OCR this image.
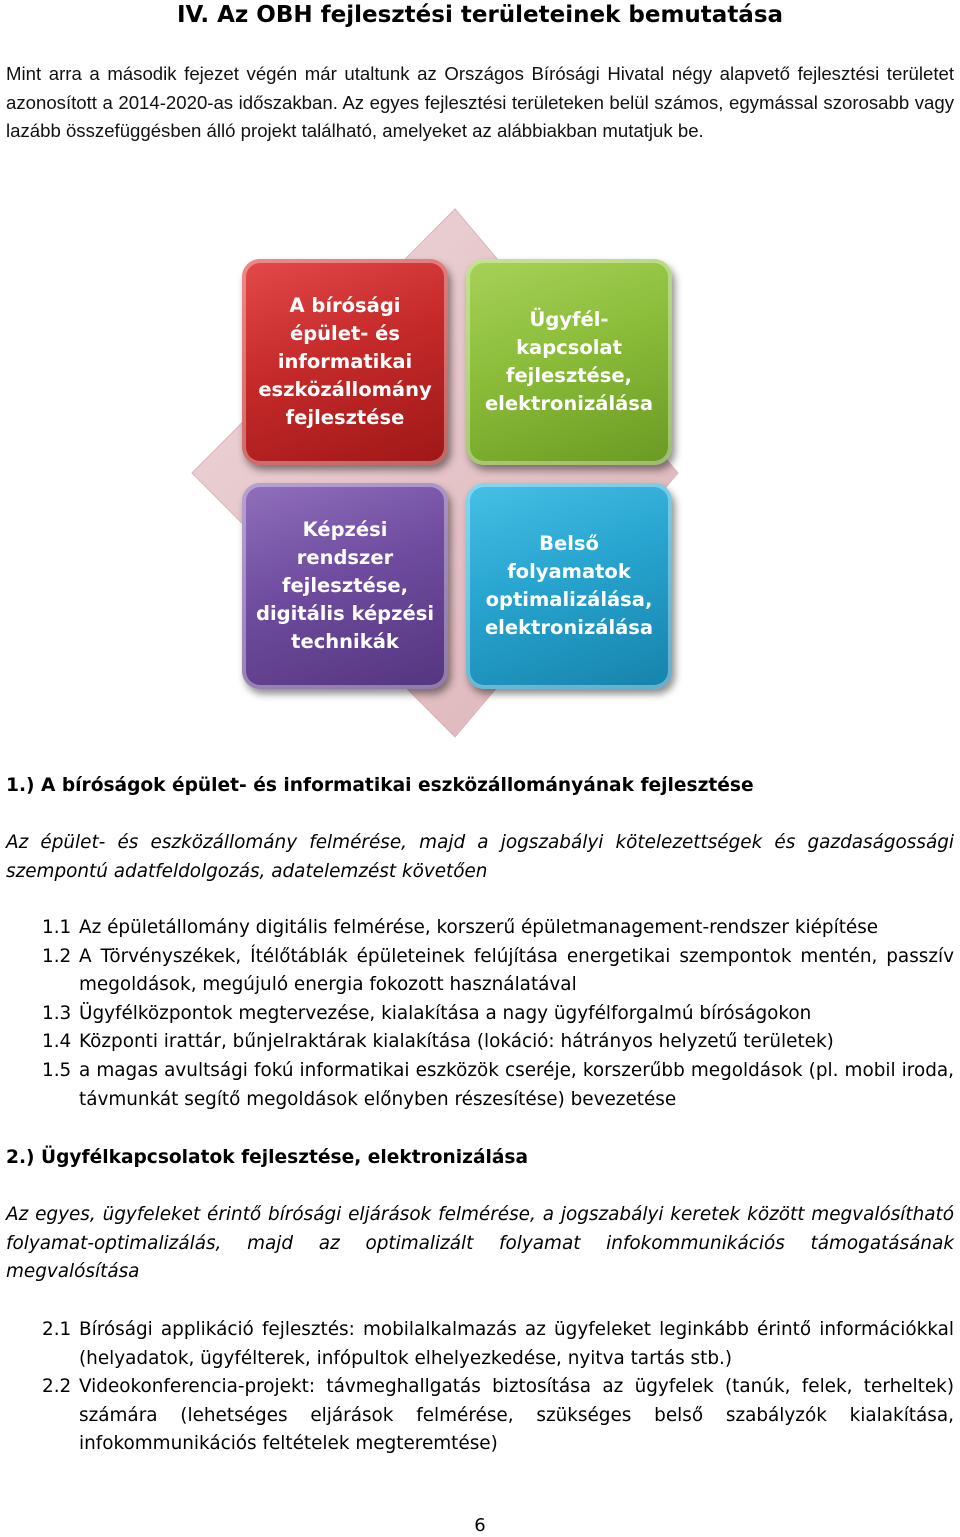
IV. Az OBH fejlesztési területeinek bemutatása
Mint arra a második fejezet végén már utaltunk az Országos Bírósági Hivatal négy alapvető fejlesztési területet azonosított a 2014-2020-as időszakban. Az egyes fejlesztési területeken belül számos, egymással szorosabb vagy lazább összefüggésben álló projekt található, amelyeket az alábbiakban mutatjuk be.
A bírósági
épület- és
informatikai
eszközállomány
fejlesztése
Ügyfél-
kapcsolat
fejlesztése,
elektronizálása
Képzési
rendszer
fejlesztése,
digitális képzési
technikák
Belső
folyamatok
optimalizálása,
elektronizálása
1.) A bíróságok épület- és informatikai eszközállományának fejlesztése
Az épület- és eszközállomány felmérése, majd a jogszabályi kötelezettségek és gazdaságossági szempontú adatfeldolgozás, adatelemzést követően
1.1 Az épületállomány digitális felmérése, korszerű épületmanagement-rendszer kiépítése
1.2 A Törvényszékek, Ítélőtáblák épületeinek felújítása energetikai szempontok mentén, passzív megoldások, megújuló energia fokozott használatával
1.3 Ügyfélközpontok megtervezése, kialakítása a nagy ügyfélforgalmú bíróságokon
1.4 Központi irattár, bűnjelraktárak kialakítása (lokáció: hátrányos helyzetű területek)
1.5 a magas avultsági fokú informatikai eszközök cseréje, korszerűbb megoldások (pl. mobil iroda, távmunkát segítő megoldások előnyben részesítése) bevezetése
2.) Ügyfélkapcsolatok fejlesztése, elektronizálása
Az egyes, ügyfeleket érintő bírósági eljárások felmérése, a jogszabályi keretek között megvalósítható folyamat-optimalizálás, majd az optimalizált folyamat infokommunikációs támogatásának megvalósítása
2.1 Bírósági applikáció fejlesztés: mobilalkalmazás az ügyfeleket leginkább érintő információkkal (helyadatok, ügyfélterek, infópultok elhelyezkedése, nyitva tartás stb.)
2.2 Videokonferencia-projekt: távmeghallgatás biztosítása az ügyfelek (tanúk, felek, terheltek) számára (lehetséges eljárások felmérése, szükséges belső szabályzók kialakítása, infokommunikációs feltételek megteremtése)
6
